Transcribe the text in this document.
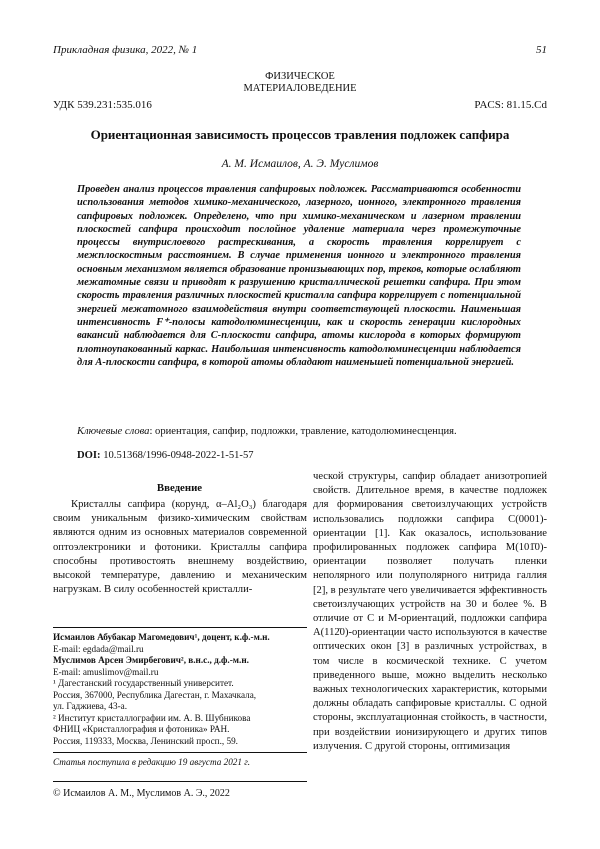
Прикладная физика, 2022, № 1	51
ФИЗИЧЕСКОЕ
МАТЕРИАЛОВЕДЕНИЕ
УДК 539.231:535.016	PACS: 81.15.Cd
Ориентационная зависимость процессов травления подложек сапфира
А. М. Исмаилов, А. Э. Муслимов
Проведен анализ процессов травления сапфировых подложек. Рассматриваются особенности использования методов химико-механического, лазерного, ионного, электронного травления сапфировых подложек. Определено, что при химико-механическом и лазерном травлении плоскостей сапфира происходит послойное удаление материала через промежуточные процессы внутрислоевого растрескивания, а скорость травления коррелирует с межплоскостным расстоянием. В случае применения ионного и электронного травления основным механизмом является образование пронизывающих пор, треков, которые ослабляют межатомные связи и приводят к разрушению кристаллической решетки сапфира. При этом скорость травления различных плоскостей кристалла сапфира коррелирует с потенциальной энергией межатомного взаимодействия внутри соответствующей плоскости. Наименьшая интенсивность F⁺-полосы катодолюминесценции, как и скорость генерации кислородных вакансий наблюдается для С-плоскости сапфира, атомы кислорода в которых формируют плотноупакованный каркас. Наибольшая интенсивность катодолюминесценции наблюдается для А-плоскости сапфира, в которой атомы обладают наименьшей потенциальной энергией.
Ключевые слова: ориентация, сапфир, подложки, травление, катодолюминесценция.
DOI: 10.51368/1996-0948-2022-1-51-57
Введение

Кристаллы сапфира (корунд, α–Al₂O₃) благодаря своим уникальным физико-химическим свойствам являются одним из основных материалов современной оптоэлектроники и фотоники. Кристаллы сапфира способны противостоять внешнему воздействию, высокой температуре, давлению и механическим нагрузкам. В силу особенностей кристалли-

ческой структуры, сапфир обладает анизотропией свойств. Длительное время, в качестве подложек для формирования светоизлучающих устройств использовались подложки сапфира C(0001)-ориентации [1]. Как оказалось, использование профилированных подложек сапфира M(101̄0)-ориентации позволяет получать пленки неполярного или полуполярного нитрида галлия [2], в результате чего увеличивается эффективность светоизлучающих устройств на 30 и более %. В отличие от С и M-ориентаций, подложки сапфира A(112̄0)-ориентации часто используются в качестве оптических окон [3] в различных устройствах, в том числе в космической технике. С учетом приведенного выше, можно выделить несколько важных технологических характеристик, которыми должны обладать сапфировые кристаллы. С одной стороны, эксплуатационная стойкость, в частности, при воздействии ионизирующего и других типов излучения. С другой стороны, оптимизация

Исмаилов Абубакар Магомедович¹, доцент, к.ф.-м.н.
E-mail: egdada@mail.ru
Муслимов Арсен Эмирбегович², в.н.с., д.ф.-м.н.
E-mail: amuslimov@mail.ru
¹ Дагестанский государственный университет.
Россия, 367000, Республика Дагестан, г. Махачкала,
ул. Гаджиева, 43-а.
² Институт кристаллографии им. А. В. Шубникова
ФНИЦ «Кристаллография и фотоника» РАН.
Россия, 119333, Москва, Ленинский просп., 59.
Статья поступила в редакцию 19 августа 2021 г.
© Исмаилов А. М., Муслимов А. Э., 2022
